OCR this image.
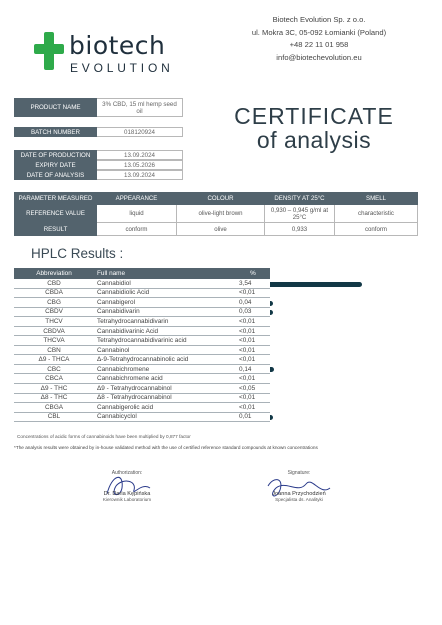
biotech
EVOLUTION
Biotech Evolution Sp. z o.o.
ul. Mokra 3C, 05-092 Łomianki (Poland)
+48 22 11 01 958
info@biotechevolution.eu
CERTIFICATE
of analysis
PRODUCT NAME	3% CBD, 15 ml hemp seed oil
BATCH NUMBER	018120924
DATE OF PRODUCTION	13.09.2024
EXPIRY DATE	13.05.2026
DATE OF ANALYSIS	13.09.2024
PARAMETER MEASURED	APPEARANCE	COLOUR	DENSITY AT 25°C	SMELL
REFERENCE VALUE	liquid	olive-light brown	0,930 – 0,945 g/ml at 25°C	characteristic
RESULT	conform	olive	0,933	conform
HPLC Results :
Abbreviation	Full name	%
CBD	Cannabidiol	3,54
CBDA	Cannabidiolic Acid	<0,01
CBG	Cannabigerol	0,04
CBDV	Cannabidivarin	0,03
THCV	Tetrahydrocannabidivarin	<0,01
CBDVA	Cannabidivarinic Acid	<0,01
THCVA	Tetrahydrocannabidivarinic acid	<0,01
CBN	Cannabinol	<0,01
Δ9 - THCA	Δ-9-Tetrahydrocannabinolic acid	<0,01
CBC	Cannabichromene	0,14
CBCA	Cannabichromene acid	<0,01
Δ9 - THC	Δ9 - Tetrahydrocannabinol	<0,05
Δ8 - THC	Δ8 - Tetrahydrocannabinol	<0,01
CBGA	Cannabigerolic acid	<0,01
CBL	Cannabicyclol	0,01
Concentrations of acidic forms of cannabinoids have been multiplied by 0,877 factor
*The analysis results were obtained by in-house validated method with the use of certified reference standard compounds at known concentrations
Authorization:
Dr. Daria Kępińska
Kierownik Laboratorium
Signature:
Joanna Przychodzień
Specjalista ds. Analityki
